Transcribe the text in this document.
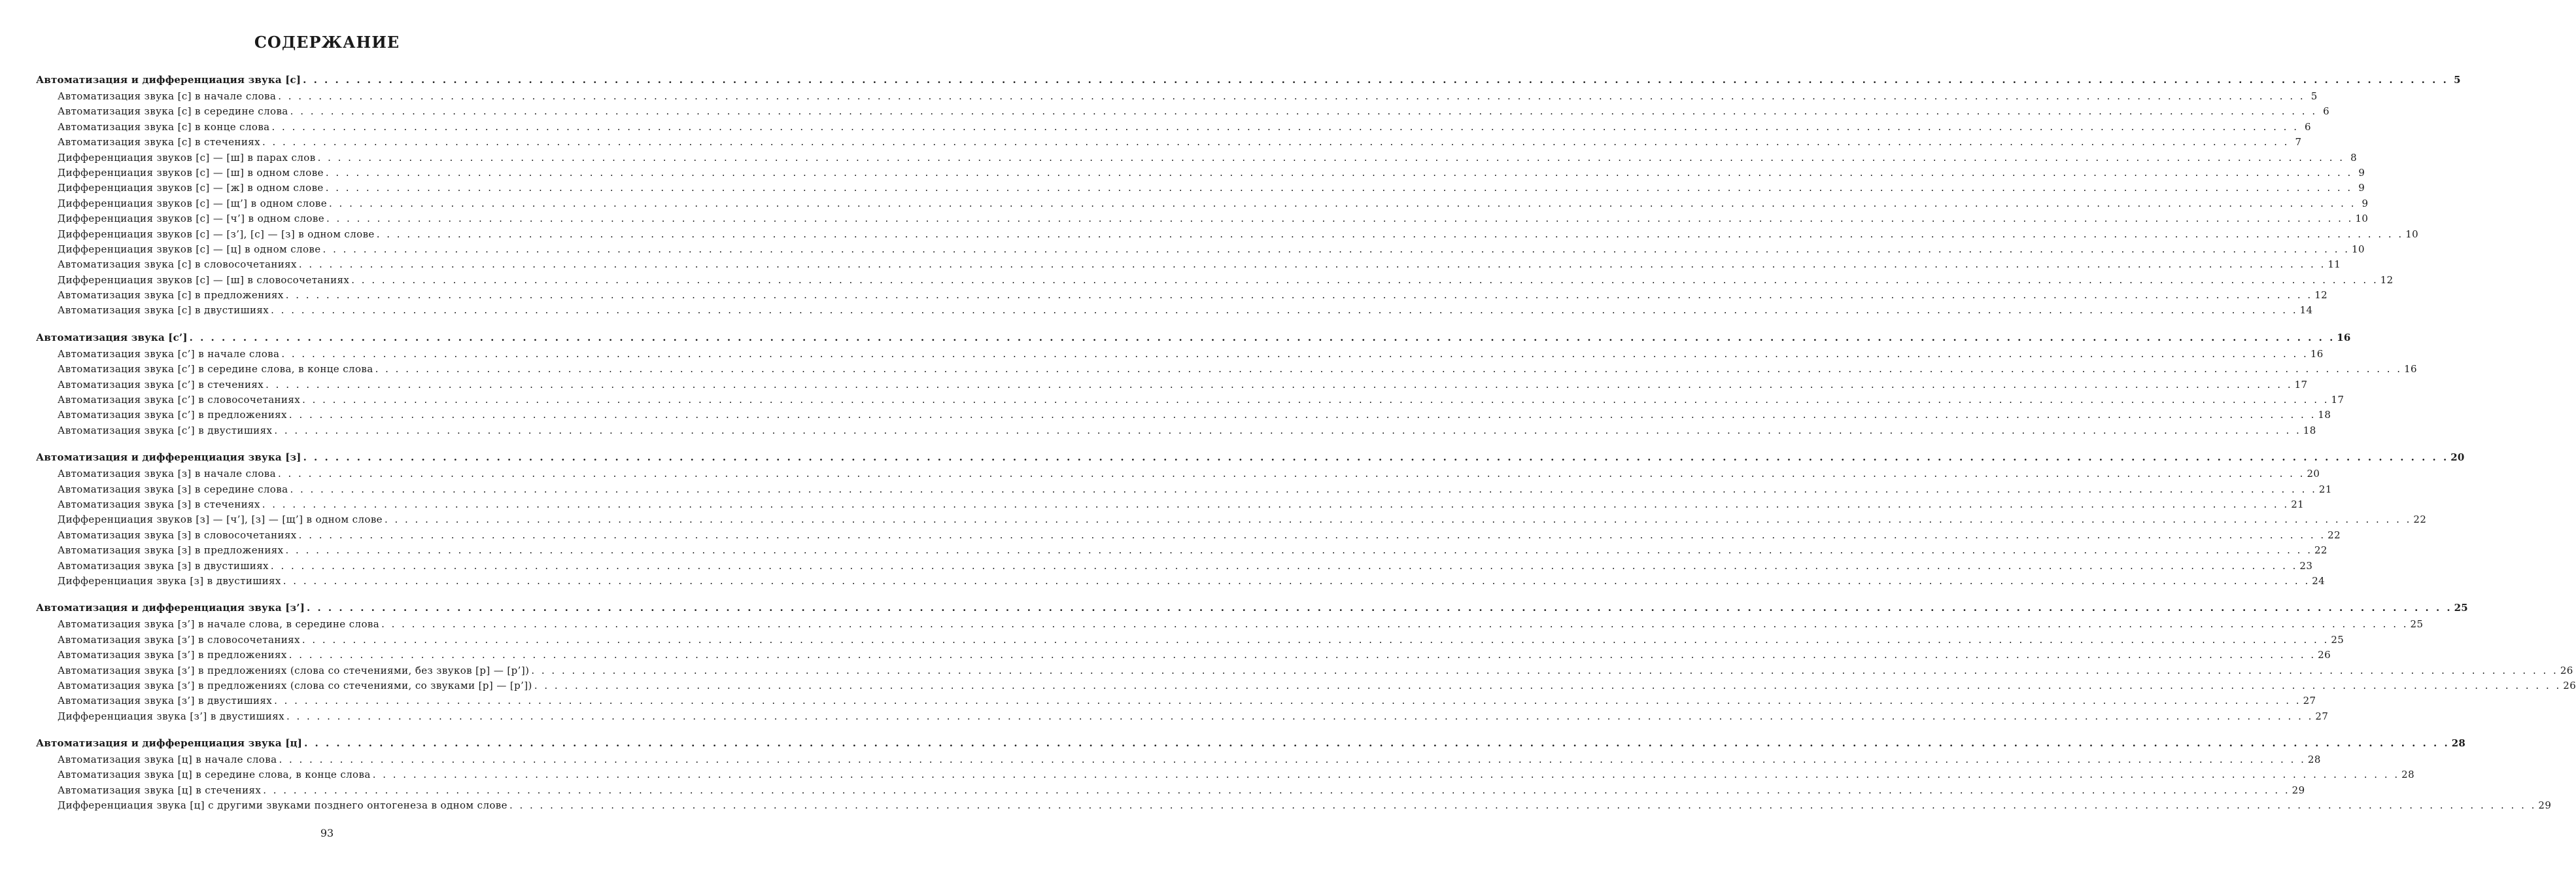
СОДЕРЖАНИЕ
Автоматизация и дифференциация звука [с] . . . . . . . . . . . . . . . . . . . . . . . . . . . . . . . . . . . . . . . . . . . . . . . . . . . . . . . . . . . . . . . . . . . . . . . . . . . . . . . . . . . . . . . . . . . . . . . . . . . . . . . . . . . . . . . . . . . . . . . . . . . . . . . . . . . . . . . . . . . . . . . . . . . . . . . . . . . . . . . . . . . . . . . . . . . . . . . . . . . . . . . . . . . . . . . . . . . . . . . . 5
Автоматизация звука [с] в начале слова . . . . . . . . . . . . . . . . . . . . . . . . . . . . . . . . . . . . . . . . . . . . . . . . . . . . . . . . . . . . . . . . . . . . . . . . . . . . . . . . . . . . . . . . . . . . . . . . . . . . . . . . . . . . . . . . . . . . . . . . . . . . . . . . . . . . . . . . . . . . . . . . . . . . . . . . . . . . . . . . . . . . . . . . . . . . . . . . . . . . . . . . . . . . . . . . . . . . . . . . 5
Автоматизация звука [с] в середине слова . . . . . . . . . . . . . . . . . . . . . . . . . . . . . . . . . . . . . . . . . . . . . . . . . . . . . . . . . . . . . . . . . . . . . . . . . . . . . . . . . . . . . . . . . . . . . . . . . . . . . . . . . . . . . . . . . . . . . . . . . . . . . . . . . . . . . . . . . . . . . . . . . . . . . . . . . . . . . . . . . . . . . . . . . . . . . . . . . . . . . . . . . . . . . . . . . . . . . . . . 6
Автоматизация звука [с] в конце слова . . . . . . . . . . . . . . . . . . . . . . . . . . . . . . . . . . . . . . . . . . . . . . . . . . . . . . . . . . . . . . . . . . . . . . . . . . . . . . . . . . . . . . . . . . . . . . . . . . . . . . . . . . . . . . . . . . . . . . . . . . . . . . . . . . . . . . . . . . . . . . . . . . . . . . . . . . . . . . . . . . . . . . . . . . . . . . . . . . . . . . . . . . . . . . . . . . . . . . . . 6
Автоматизация звука [с] в стечениях . . . . . . . . . . . . . . . . . . . . . . . . . . . . . . . . . . . . . . . . . . . . . . . . . . . . . . . . . . . . . . . . . . . . . . . . . . . . . . . . . . . . . . . . . . . . . . . . . . . . . . . . . . . . . . . . . . . . . . . . . . . . . . . . . . . . . . . . . . . . . . . . . . . . . . . . . . . . . . . . . . . . . . . . . . . . . . . . . . . . . . . . . . . . . . . . . . . . . . . . 7
Дифференциация звуков [с] — [ш] в парах слов . . . . . . . . . . . . . . . . . . . . . . . . . . . . . . . . . . . . . . . . . . . . . . . . . . . . . . . . . . . . . . . . . . . . . . . . . . . . . . . . . . . . . . . . . . . . . . . . . . . . . . . . . . . . . . . . . . . . . . . . . . . . . . . . . . . . . . . . . . . . . . . . . . . . . . . . . . . . . . . . . . . . . . . . . . . . . . . . . . . . . . . . . . . . . . . . . . . . . . . . 8
Дифференциация звуков [с] — [ш] в одном слове . . . . . . . . . . . . . . . . . . . . . . . . . . . . . . . . . . . . . . . . . . . . . . . . . . . . . . . . . . . . . . . . . . . . . . . . . . . . . . . . . . . . . . . . . . . . . . . . . . . . . . . . . . . . . . . . . . . . . . . . . . . . . . . . . . . . . . . . . . . . . . . . . . . . . . . . . . . . . . . . . . . . . . . . . . . . . . . . . . . . . . . . . . . . . . . . . . . . . . . . 9
Дифференциация звуков [с] — [ж] в одном слове . . . . . . . . . . . . . . . . . . . . . . . . . . . . . . . . . . . . . . . . . . . . . . . . . . . . . . . . . . . . . . . . . . . . . . . . . . . . . . . . . . . . . . . . . . . . . . . . . . . . . . . . . . . . . . . . . . . . . . . . . . . . . . . . . . . . . . . . . . . . . . . . . . . . . . . . . . . . . . . . . . . . . . . . . . . . . . . . . . . . . . . . . . . . . . . . . . . . . . . . 9
Дифференциация звуков [с] — [щ’] в одном слове . . . . . . . . . . . . . . . . . . . . . . . . . . . . . . . . . . . . . . . . . . . . . . . . . . . . . . . . . . . . . . . . . . . . . . . . . . . . . . . . . . . . . . . . . . . . . . . . . . . . . . . . . . . . . . . . . . . . . . . . . . . . . . . . . . . . . . . . . . . . . . . . . . . . . . . . . . . . . . . . . . . . . . . . . . . . . . . . . . . . . . . . . . . . . . . . . . . . . . . . 9
Дифференциация звуков [с] — [ч’] в одном слове . . . . . . . . . . . . . . . . . . . . . . . . . . . . . . . . . . . . . . . . . . . . . . . . . . . . . . . . . . . . . . . . . . . . . . . . . . . . . . . . . . . . . . . . . . . . . . . . . . . . . . . . . . . . . . . . . . . . . . . . . . . . . . . . . . . . . . . . . . . . . . . . . . . . . . . . . . . . . . . . . . . . . . . . . . . . . . . . . . . . . . . . . . . . . . . . . . . . . . . . 10
Дифференциация звуков [с] — [з’], [с] — [з] в одном слове . . . . . . . . . . . . . . . . . . . . . . . . . . . . . . . . . . . . . . . . . . . . . . . . . . . . . . . . . . . . . . . . . . . . . . . . . . . . . . . . . . . . . . . . . . . . . . . . . . . . . . . . . . . . . . . . . . . . . . . . . . . . . . . . . . . . . . . . . . . . . . . . . . . . . . . . . . . . . . . . . . . . . . . . . . . . . . . . . . . . . . . . . . . . . . . . . . . . . . . . 10
Дифференциация звуков [с] — [ц] в одном слове . . . . . . . . . . . . . . . . . . . . . . . . . . . . . . . . . . . . . . . . . . . . . . . . . . . . . . . . . . . . . . . . . . . . . . . . . . . . . . . . . . . . . . . . . . . . . . . . . . . . . . . . . . . . . . . . . . . . . . . . . . . . . . . . . . . . . . . . . . . . . . . . . . . . . . . . . . . . . . . . . . . . . . . . . . . . . . . . . . . . . . . . . . . . . . . . . . . . . . . . 10
Автоматизация звука [с] в словосочетаниях . . . . . . . . . . . . . . . . . . . . . . . . . . . . . . . . . . . . . . . . . . . . . . . . . . . . . . . . . . . . . . . . . . . . . . . . . . . . . . . . . . . . . . . . . . . . . . . . . . . . . . . . . . . . . . . . . . . . . . . . . . . . . . . . . . . . . . . . . . . . . . . . . . . . . . . . . . . . . . . . . . . . . . . . . . . . . . . . . . . . . . . . . . . . . . . . . . . . . . . . 11
Дифференциация звуков [с] — [ш] в словосочетаниях . . . . . . . . . . . . . . . . . . . . . . . . . . . . . . . . . . . . . . . . . . . . . . . . . . . . . . . . . . . . . . . . . . . . . . . . . . . . . . . . . . . . . . . . . . . . . . . . . . . . . . . . . . . . . . . . . . . . . . . . . . . . . . . . . . . . . . . . . . . . . . . . . . . . . . . . . . . . . . . . . . . . . . . . . . . . . . . . . . . . . . . . . . . . . . . . . . . . . . . . 12
Автоматизация звука [с] в предложениях . . . . . . . . . . . . . . . . . . . . . . . . . . . . . . . . . . . . . . . . . . . . . . . . . . . . . . . . . . . . . . . . . . . . . . . . . . . . . . . . . . . . . . . . . . . . . . . . . . . . . . . . . . . . . . . . . . . . . . . . . . . . . . . . . . . . . . . . . . . . . . . . . . . . . . . . . . . . . . . . . . . . . . . . . . . . . . . . . . . . . . . . . . . . . . . . . . . . . . . . 12
Автоматизация звука [с] в двустишиях . . . . . . . . . . . . . . . . . . . . . . . . . . . . . . . . . . . . . . . . . . . . . . . . . . . . . . . . . . . . . . . . . . . . . . . . . . . . . . . . . . . . . . . . . . . . . . . . . . . . . . . . . . . . . . . . . . . . . . . . . . . . . . . . . . . . . . . . . . . . . . . . . . . . . . . . . . . . . . . . . . . . . . . . . . . . . . . . . . . . . . . . . . . . . . . . . . . . . . . . 14
Автоматизация звука [с’] . . . . . . . . . . . . . . . . . . . . . . . . . . . . . . . . . . . . . . . . . . . . . . . . . . . . . . . . . . . . . . . . . . . . . . . . . . . . . . . . . . . . . . . . . . . . . . . . . . . . . . . . . . . . . . . . . . . . . . . . . . . . . . . . . . . . . . . . . . . . . . . . . . . . . . . . . . . . . . . . . . . . . . . . . . . . . . . . . . . . . . . . . . . . . . . . . . . . . . . . 16
Автоматизация звука [с’] в начале слова . . . . . . . . . . . . . . . . . . . . . . . . . . . . . . . . . . . . . . . . . . . . . . . . . . . . . . . . . . . . . . . . . . . . . . . . . . . . . . . . . . . . . . . . . . . . . . . . . . . . . . . . . . . . . . . . . . . . . . . . . . . . . . . . . . . . . . . . . . . . . . . . . . . . . . . . . . . . . . . . . . . . . . . . . . . . . . . . . . . . . . . . . . . . . . . . . . . . . . . . 16
Автоматизация звука [с’] в середине слова, в конце слова . . . . . . . . . . . . . . . . . . . . . . . . . . . . . . . . . . . . . . . . . . . . . . . . . . . . . . . . . . . . . . . . . . . . . . . . . . . . . . . . . . . . . . . . . . . . . . . . . . . . . . . . . . . . . . . . . . . . . . . . . . . . . . . . . . . . . . . . . . . . . . . . . . . . . . . . . . . . . . . . . . . . . . . . . . . . . . . . . . . . . . . . . . . . . . . . . . . . . . . . 16
Автоматизация звука [с’] в стечениях . . . . . . . . . . . . . . . . . . . . . . . . . . . . . . . . . . . . . . . . . . . . . . . . . . . . . . . . . . . . . . . . . . . . . . . . . . . . . . . . . . . . . . . . . . . . . . . . . . . . . . . . . . . . . . . . . . . . . . . . . . . . . . . . . . . . . . . . . . . . . . . . . . . . . . . . . . . . . . . . . . . . . . . . . . . . . . . . . . . . . . . . . . . . . . . . . . . . . . . . 17
Автоматизация звука [с’] в словосочетаниях . . . . . . . . . . . . . . . . . . . . . . . . . . . . . . . . . . . . . . . . . . . . . . . . . . . . . . . . . . . . . . . . . . . . . . . . . . . . . . . . . . . . . . . . . . . . . . . . . . . . . . . . . . . . . . . . . . . . . . . . . . . . . . . . . . . . . . . . . . . . . . . . . . . . . . . . . . . . . . . . . . . . . . . . . . . . . . . . . . . . . . . . . . . . . . . . . . . . . . . . 17
Автоматизация звука [с’] в предложениях . . . . . . . . . . . . . . . . . . . . . . . . . . . . . . . . . . . . . . . . . . . . . . . . . . . . . . . . . . . . . . . . . . . . . . . . . . . . . . . . . . . . . . . . . . . . . . . . . . . . . . . . . . . . . . . . . . . . . . . . . . . . . . . . . . . . . . . . . . . . . . . . . . . . . . . . . . . . . . . . . . . . . . . . . . . . . . . . . . . . . . . . . . . . . . . . . . . . . . . . 18
Автоматизация звука [с’] в двустишиях . . . . . . . . . . . . . . . . . . . . . . . . . . . . . . . . . . . . . . . . . . . . . . . . . . . . . . . . . . . . . . . . . . . . . . . . . . . . . . . . . . . . . . . . . . . . . . . . . . . . . . . . . . . . . . . . . . . . . . . . . . . . . . . . . . . . . . . . . . . . . . . . . . . . . . . . . . . . . . . . . . . . . . . . . . . . . . . . . . . . . . . . . . . . . . . . . . . . . . . . 18
Автоматизация и дифференциация звука [з] . . . . . . . . . . . . . . . . . . . . . . . . . . . . . . . . . . . . . . . . . . . . . . . . . . . . . . . . . . . . . . . . . . . . . . . . . . . . . . . . . . . . . . . . . . . . . . . . . . . . . . . . . . . . . . . . . . . . . . . . . . . . . . . . . . . . . . . . . . . . . . . . . . . . . . . . . . . . . . . . . . . . . . . . . . . . . . . . . . . . . . . . . . . . . . . . . . . . . . . . 20
Автоматизация звука [з] в начале слова . . . . . . . . . . . . . . . . . . . . . . . . . . . . . . . . . . . . . . . . . . . . . . . . . . . . . . . . . . . . . . . . . . . . . . . . . . . . . . . . . . . . . . . . . . . . . . . . . . . . . . . . . . . . . . . . . . . . . . . . . . . . . . . . . . . . . . . . . . . . . . . . . . . . . . . . . . . . . . . . . . . . . . . . . . . . . . . . . . . . . . . . . . . . . . . . . . . . . . . . 20
Автоматизация звука [з] в середине слова . . . . . . . . . . . . . . . . . . . . . . . . . . . . . . . . . . . . . . . . . . . . . . . . . . . . . . . . . . . . . . . . . . . . . . . . . . . . . . . . . . . . . . . . . . . . . . . . . . . . . . . . . . . . . . . . . . . . . . . . . . . . . . . . . . . . . . . . . . . . . . . . . . . . . . . . . . . . . . . . . . . . . . . . . . . . . . . . . . . . . . . . . . . . . . . . . . . . . . . . 21
Автоматизация звука [з] в стечениях . . . . . . . . . . . . . . . . . . . . . . . . . . . . . . . . . . . . . . . . . . . . . . . . . . . . . . . . . . . . . . . . . . . . . . . . . . . . . . . . . . . . . . . . . . . . . . . . . . . . . . . . . . . . . . . . . . . . . . . . . . . . . . . . . . . . . . . . . . . . . . . . . . . . . . . . . . . . . . . . . . . . . . . . . . . . . . . . . . . . . . . . . . . . . . . . . . . . . . . . 21
Дифференциация звуков [з] — [ч’], [з] — [щ’] в одном слове . . . . . . . . . . . . . . . . . . . . . . . . . . . . . . . . . . . . . . . . . . . . . . . . . . . . . . . . . . . . . . . . . . . . . . . . . . . . . . . . . . . . . . . . . . . . . . . . . . . . . . . . . . . . . . . . . . . . . . . . . . . . . . . . . . . . . . . . . . . . . . . . . . . . . . . . . . . . . . . . . . . . . . . . . . . . . . . . . . . . . . . . . . . . . . . . . . . . . . . . 22
Автоматизация звука [з] в словосочетаниях . . . . . . . . . . . . . . . . . . . . . . . . . . . . . . . . . . . . . . . . . . . . . . . . . . . . . . . . . . . . . . . . . . . . . . . . . . . . . . . . . . . . . . . . . . . . . . . . . . . . . . . . . . . . . . . . . . . . . . . . . . . . . . . . . . . . . . . . . . . . . . . . . . . . . . . . . . . . . . . . . . . . . . . . . . . . . . . . . . . . . . . . . . . . . . . . . . . . . . . . 22
Автоматизация звука [з] в предложениях . . . . . . . . . . . . . . . . . . . . . . . . . . . . . . . . . . . . . . . . . . . . . . . . . . . . . . . . . . . . . . . . . . . . . . . . . . . . . . . . . . . . . . . . . . . . . . . . . . . . . . . . . . . . . . . . . . . . . . . . . . . . . . . . . . . . . . . . . . . . . . . . . . . . . . . . . . . . . . . . . . . . . . . . . . . . . . . . . . . . . . . . . . . . . . . . . . . . . . . . 22
Автоматизация звука [з] в двустишиях . . . . . . . . . . . . . . . . . . . . . . . . . . . . . . . . . . . . . . . . . . . . . . . . . . . . . . . . . . . . . . . . . . . . . . . . . . . . . . . . . . . . . . . . . . . . . . . . . . . . . . . . . . . . . . . . . . . . . . . . . . . . . . . . . . . . . . . . . . . . . . . . . . . . . . . . . . . . . . . . . . . . . . . . . . . . . . . . . . . . . . . . . . . . . . . . . . . . . . . . 23
Дифференциация звука [з] в двустишиях . . . . . . . . . . . . . . . . . . . . . . . . . . . . . . . . . . . . . . . . . . . . . . . . . . . . . . . . . . . . . . . . . . . . . . . . . . . . . . . . . . . . . . . . . . . . . . . . . . . . . . . . . . . . . . . . . . . . . . . . . . . . . . . . . . . . . . . . . . . . . . . . . . . . . . . . . . . . . . . . . . . . . . . . . . . . . . . . . . . . . . . . . . . . . . . . . . . . . . . . 24
Автоматизация и дифференциация звука [з’] . . . . . . . . . . . . . . . . . . . . . . . . . . . . . . . . . . . . . . . . . . . . . . . . . . . . . . . . . . . . . . . . . . . . . . . . . . . . . . . . . . . . . . . . . . . . . . . . . . . . . . . . . . . . . . . . . . . . . . . . . . . . . . . . . . . . . . . . . . . . . . . . . . . . . . . . . . . . . . . . . . . . . . . . . . . . . . . . . . . . . . . . . . . . . . . . . . . . . . . . 25
Автоматизация звука [з’] в начале слова, в середине слова . . . . . . . . . . . . . . . . . . . . . . . . . . . . . . . . . . . . . . . . . . . . . . . . . . . . . . . . . . . . . . . . . . . . . . . . . . . . . . . . . . . . . . . . . . . . . . . . . . . . . . . . . . . . . . . . . . . . . . . . . . . . . . . . . . . . . . . . . . . . . . . . . . . . . . . . . . . . . . . . . . . . . . . . . . . . . . . . . . . . . . . . . . . . . . . . . . . . . . . . 25
Автоматизация звука [з’] в словосочетаниях . . . . . . . . . . . . . . . . . . . . . . . . . . . . . . . . . . . . . . . . . . . . . . . . . . . . . . . . . . . . . . . . . . . . . . . . . . . . . . . . . . . . . . . . . . . . . . . . . . . . . . . . . . . . . . . . . . . . . . . . . . . . . . . . . . . . . . . . . . . . . . . . . . . . . . . . . . . . . . . . . . . . . . . . . . . . . . . . . . . . . . . . . . . . . . . . . . . . . . . . 25
Автоматизация звука [з’] в предложениях . . . . . . . . . . . . . . . . . . . . . . . . . . . . . . . . . . . . . . . . . . . . . . . . . . . . . . . . . . . . . . . . . . . . . . . . . . . . . . . . . . . . . . . . . . . . . . . . . . . . . . . . . . . . . . . . . . . . . . . . . . . . . . . . . . . . . . . . . . . . . . . . . . . . . . . . . . . . . . . . . . . . . . . . . . . . . . . . . . . . . . . . . . . . . . . . . . . . . . . . 26
Автоматизация звука [з’] в предложениях (слова со стечениями, без звуков [р] — [р’]) . . . . . . . . . . . . . . . . . . . . . . . . . . . . . . . . . . . . . . . . . . . . . . . . . . . . . . . . . . . . . . . . . . . . . . . . . . . . . . . . . . . . . . . . . . . . . . . . . . . . . . . . . . . . . . . . . . . . . . . . . . . . . . . . . . . . . . . . . . . . . . . . . . . . . . . . . . . . . . . . . . . . . . . . . . . . . . . . . . . . . . . . . . . . . . . . . . . . . . . . 26
Автоматизация звука [з’] в предложениях (слова со стечениями, со звуками [р] — [р’]) . . . . . . . . . . . . . . . . . . . . . . . . . . . . . . . . . . . . . . . . . . . . . . . . . . . . . . . . . . . . . . . . . . . . . . . . . . . . . . . . . . . . . . . . . . . . . . . . . . . . . . . . . . . . . . . . . . . . . . . . . . . . . . . . . . . . . . . . . . . . . . . . . . . . . . . . . . . . . . . . . . . . . . . . . . . . . . . . . . . . . . . . . . . . . . . . . . . . . . . . 26
Автоматизация звука [з’] в двустишиях . . . . . . . . . . . . . . . . . . . . . . . . . . . . . . . . . . . . . . . . . . . . . . . . . . . . . . . . . . . . . . . . . . . . . . . . . . . . . . . . . . . . . . . . . . . . . . . . . . . . . . . . . . . . . . . . . . . . . . . . . . . . . . . . . . . . . . . . . . . . . . . . . . . . . . . . . . . . . . . . . . . . . . . . . . . . . . . . . . . . . . . . . . . . . . . . . . . . . . . . 27
Дифференциация звука [з’] в двустишиях . . . . . . . . . . . . . . . . . . . . . . . . . . . . . . . . . . . . . . . . . . . . . . . . . . . . . . . . . . . . . . . . . . . . . . . . . . . . . . . . . . . . . . . . . . . . . . . . . . . . . . . . . . . . . . . . . . . . . . . . . . . . . . . . . . . . . . . . . . . . . . . . . . . . . . . . . . . . . . . . . . . . . . . . . . . . . . . . . . . . . . . . . . . . . . . . . . . . . . . . 27
Автоматизация и дифференциация звука [ц] . . . . . . . . . . . . . . . . . . . . . . . . . . . . . . . . . . . . . . . . . . . . . . . . . . . . . . . . . . . . . . . . . . . . . . . . . . . . . . . . . . . . . . . . . . . . . . . . . . . . . . . . . . . . . . . . . . . . . . . . . . . . . . . . . . . . . . . . . . . . . . . . . . . . . . . . . . . . . . . . . . . . . . . . . . . . . . . . . . . . . . . . . . . . . . . . . . . . . . . . 28
Автоматизация звука [ц] в начале слова . . . . . . . . . . . . . . . . . . . . . . . . . . . . . . . . . . . . . . . . . . . . . . . . . . . . . . . . . . . . . . . . . . . . . . . . . . . . . . . . . . . . . . . . . . . . . . . . . . . . . . . . . . . . . . . . . . . . . . . . . . . . . . . . . . . . . . . . . . . . . . . . . . . . . . . . . . . . . . . . . . . . . . . . . . . . . . . . . . . . . . . . . . . . . . . . . . . . . . . . 28
Автоматизация звука [ц] в середине слова, в конце слова . . . . . . . . . . . . . . . . . . . . . . . . . . . . . . . . . . . . . . . . . . . . . . . . . . . . . . . . . . . . . . . . . . . . . . . . . . . . . . . . . . . . . . . . . . . . . . . . . . . . . . . . . . . . . . . . . . . . . . . . . . . . . . . . . . . . . . . . . . . . . . . . . . . . . . . . . . . . . . . . . . . . . . . . . . . . . . . . . . . . . . . . . . . . . . . . . . . . . . . . 28
Автоматизация звука [ц] в стечениях . . . . . . . . . . . . . . . . . . . . . . . . . . . . . . . . . . . . . . . . . . . . . . . . . . . . . . . . . . . . . . . . . . . . . . . . . . . . . . . . . . . . . . . . . . . . . . . . . . . . . . . . . . . . . . . . . . . . . . . . . . . . . . . . . . . . . . . . . . . . . . . . . . . . . . . . . . . . . . . . . . . . . . . . . . . . . . . . . . . . . . . . . . . . . . . . . . . . . . . . 29
Дифференциация звука [ц] с другими звуками позднего онтогенеза в одном слове . . . . . . . . . . . . . . . . . . . . . . . . . . . . . . . . . . . . . . . . . . . . . . . . . . . . . . . . . . . . . . . . . . . . . . . . . . . . . . . . . . . . . . . . . . . . . . . . . . . . . . . . . . . . . . . . . . . . . . . . . . . . . . . . . . . . . . . . . . . . . . . . . . . . . . . . . . . . . . . . . . . . . . . . . . . . . . . . . . . . . . . . . . . . . . . . . . . . . . . . 29
93
